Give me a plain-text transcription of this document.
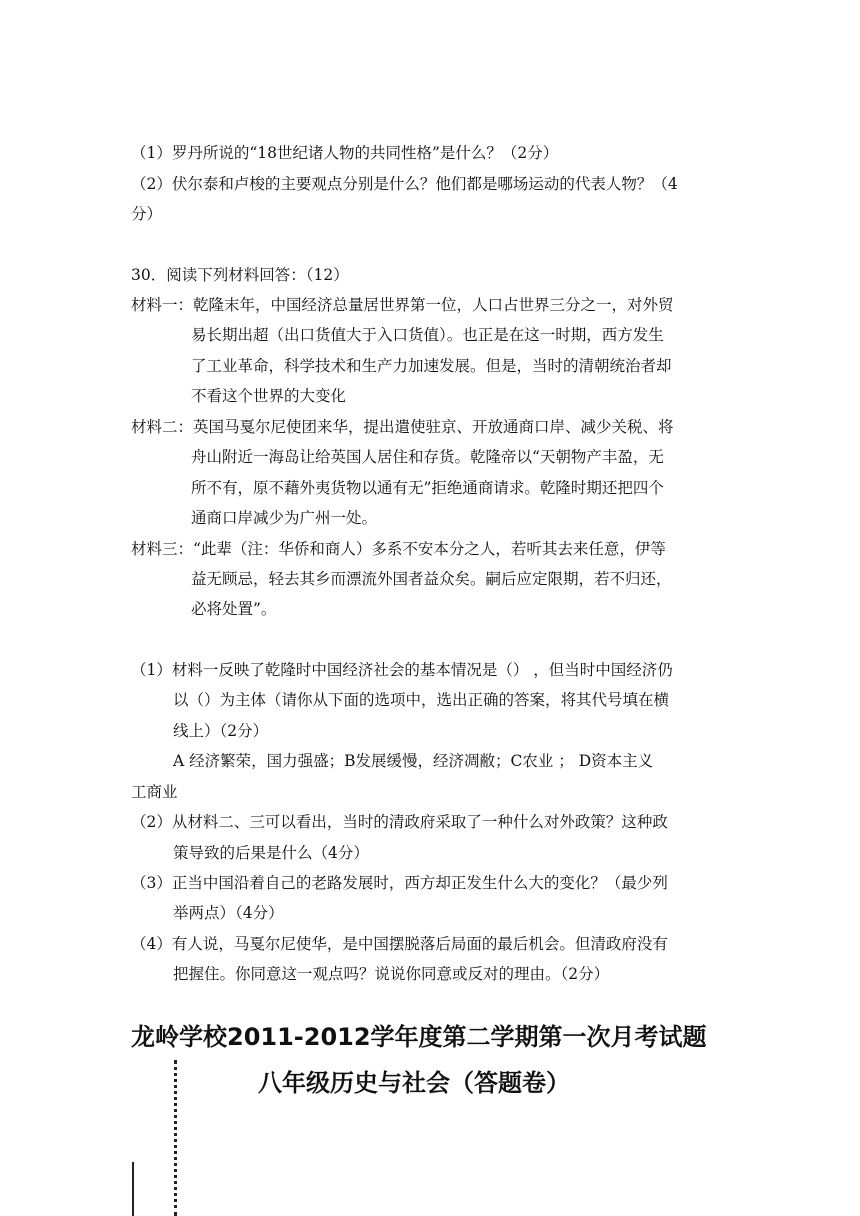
（1）罗丹所说的“18世纪诸人物的共同性格”是什么？（2分）
（2）伏尔泰和卢梭的主要观点分别是什么？他们都是哪场运动的代表人物？（4
分）
30．阅读下列材料回答：（12）
材料一：乾隆末年，中国经济总量居世界第一位，人口占世界三分之一，对外贸
易长期出超（出口货值大于入口货值）。也正是在这一时期，西方发生
了工业革命，科学技术和生产力加速发展。但是，当时的清朝统治者却
不看这个世界的大变化
材料二：英国马戛尔尼使团来华，提出遣使驻京、开放通商口岸、减少关税、将
舟山附近一海岛让给英国人居住和存货。乾隆帝以“天朝物产丰盈，无
所不有，原不藉外夷货物以通有无”拒绝通商请求。乾隆时期还把四个
通商口岸减少为广州一处。
材料三：“此辈（注：华侨和商人）多系不安本分之人，若听其去来任意，伊等
益无顾忌，轻去其乡而漂流外国者益众矣。嗣后应定限期，若不归还，
必将处置”。
（1）材料一反映了乾隆时中国经济社会的基本情况是（） ，但当时中国经济仍
以（）为主体（请你从下面的选项中，选出正确的答案，将其代号填在横
线上）（2分）
A 经济繁荣，国力强盛；B发展缓慢，经济凋敝；C农业 ； D资本主义
工商业
（2）从材料二、三可以看出，当时的清政府采取了一种什么对外政策？这种政
策导致的后果是什么（4分）
（3）正当中国沿着自己的老路发展时，西方却正发生什么大的变化？（最少列
举两点）（4分）
（4）有人说，马戛尔尼使华，是中国摆脱落后局面的最后机会。但清政府没有
把握住。你同意这一观点吗？说说你同意或反对的理由。（2分）
龙岭学校2011-2012学年度第二学期第一次月考试题
八年级历史与社会（答题卷）
